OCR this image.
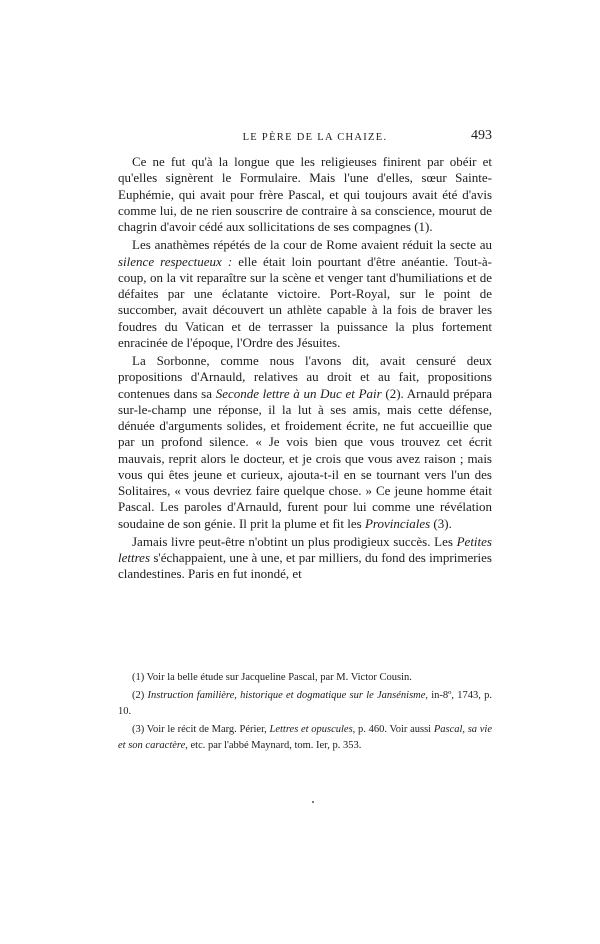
LE PÈRE DE LA CHAIZE.	493

Ce ne fut qu'à la longue que les religieuses finirent par obéir et qu'elles signèrent le Formulaire. Mais l'une d'elles, sœur Sainte-Euphémie, qui avait pour frère Pascal, et qui toujours avait été d'avis comme lui, de ne rien souscrire de contraire à sa conscience, mourut de chagrin d'avoir cédé aux sollicitations de ses compagnes (1).

Les anathèmes répétés de la cour de Rome avaient réduit la secte au silence respectueux : elle était loin pourtant d'être anéantie. Tout-à-coup, on la vit reparaître sur la scène et venger tant d'humiliations et de défaites par une éclatante victoire. Port-Royal, sur le point de succomber, avait découvert un athlète capable à la fois de braver les foudres du Vatican et de terrasser la puissance la plus fortement enracinée de l'époque, l'Ordre des Jésuites.

La Sorbonne, comme nous l'avons dit, avait censuré deux propositions d'Arnauld, relatives au droit et au fait, propositions contenues dans sa Seconde lettre à un Duc et Pair (2). Arnauld prépara sur-le-champ une réponse, il la lut à ses amis, mais cette défense, dénuée d'arguments solides, et froidement écrite, ne fut accueillie que par un profond silence. « Je vois bien que vous trouvez cet écrit mauvais, reprit alors le docteur, et je crois que vous avez raison ; mais vous qui êtes jeune et curieux, ajouta-t-il en se tournant vers l'un des Solitaires, « vous devriez faire quelque chose. » Ce jeune homme était Pascal. Les paroles d'Arnauld, furent pour lui comme une révélation soudaine de son génie. Il prit la plume et fit les Provinciales (3).

Jamais livre peut-être n'obtint un plus prodigieux succès. Les Petites lettres s'échappaient, une à une, et par milliers, du fond des imprimeries clandestines. Paris en fut inondé, et

(1) Voir la belle étude sur Jacqueline Pascal, par M. Victor Cousin.

(2) Instruction familière, historique et dogmatique sur le Jansénisme, in-8º, 1743, p. 10.

(3) Voir le récit de Marg. Périer, Lettres et opuscules, p. 460. Voir aussi Pascal, sa vie et son caractère, etc. par l'abbé Maynard, tom. Ier, p. 353.
